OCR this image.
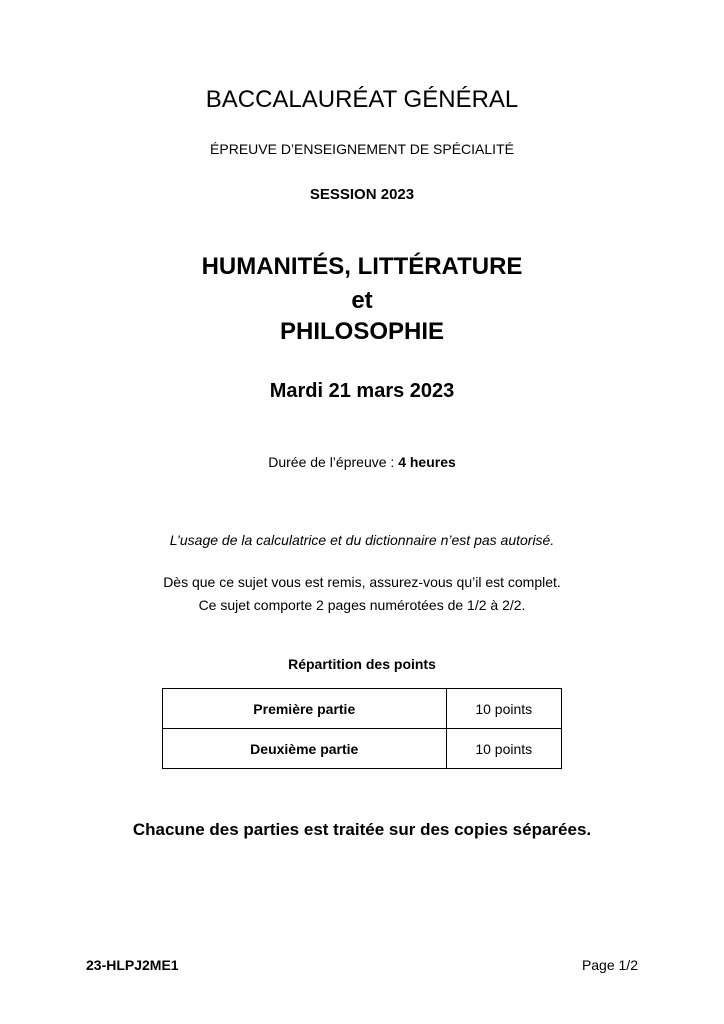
BACCALAURÉAT GÉNÉRAL
ÉPREUVE D’ENSEIGNEMENT DE SPÉCIALITÉ
SESSION 2023
HUMANITÉS, LITTÉRATURE
et
PHILOSOPHIE
Mardi 21 mars 2023
Durée de l’épreuve : 4 heures
L’usage de la calculatrice et du dictionnaire n’est pas autorisé.
Dès que ce sujet vous est remis, assurez-vous qu’il est complet.
Ce sujet comporte 2 pages numérotées de 1/2 à 2/2.
Répartition des points
Première partie	10 points
Deuxième partie	10 points
Chacune des parties est traitée sur des copies séparées.
23-HLPJ2ME1	Page 1/2
